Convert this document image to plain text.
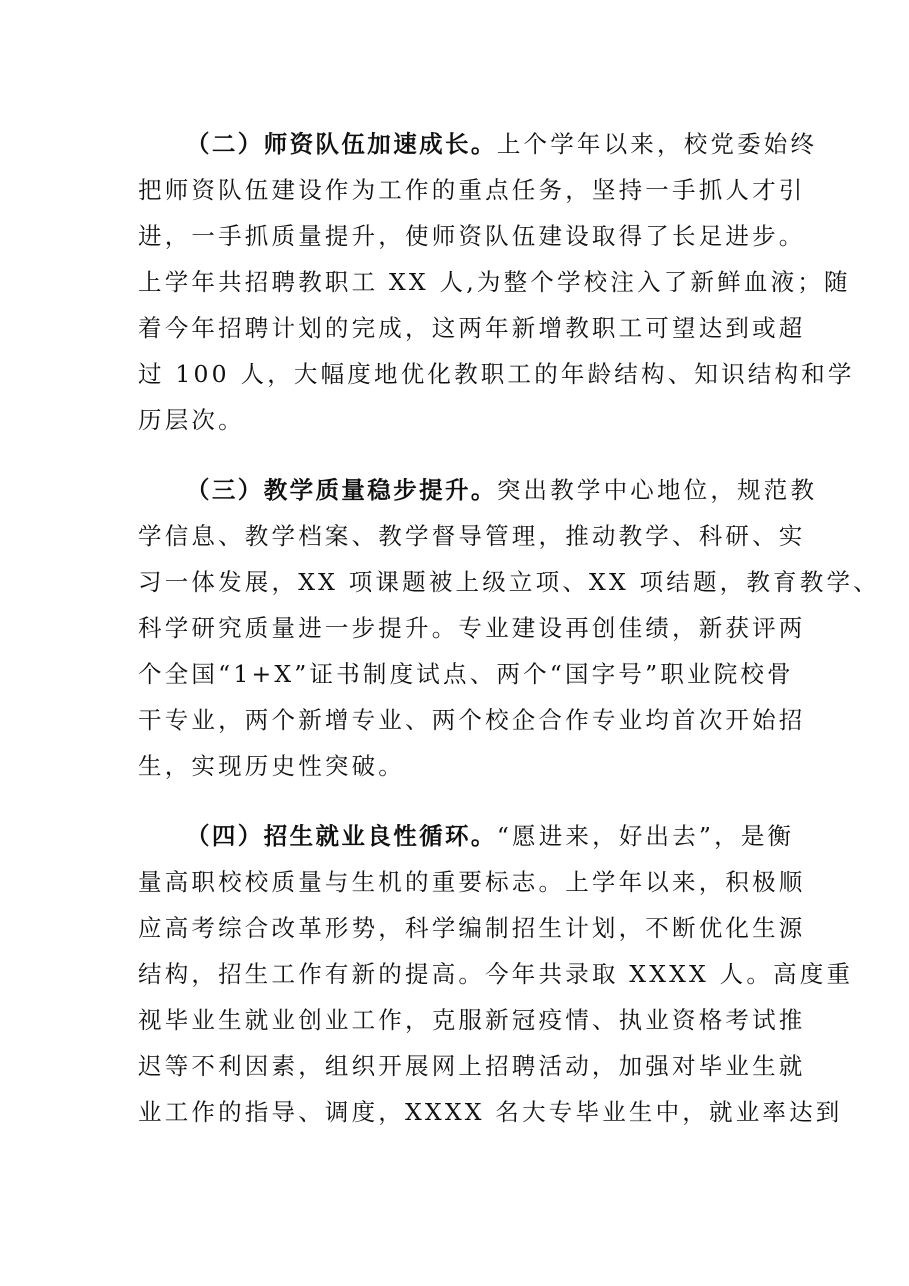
（二）师资队伍加速成长。上个学年以来，校党委始终
把师资队伍建设作为工作的重点任务，坚持一手抓人才引
进，一手抓质量提升，使师资队伍建设取得了长足进步。
上学年共招聘教职工 XX 人,为整个学校注入了新鲜血液；随
着今年招聘计划的完成，这两年新增教职工可望达到或超
过 100 人，大幅度地优化教职工的年龄结构、知识结构和学
历层次。
（三）教学质量稳步提升。突出教学中心地位，规范教
学信息、教学档案、教学督导管理，推动教学、科研、实
习一体发展，XX 项课题被上级立项、XX 项结题，教育教学、
科学研究质量进一步提升。专业建设再创佳绩，新获评两
个全国“1+X”证书制度试点、两个“国字号”职业院校骨
干专业，两个新增专业、两个校企合作专业均首次开始招
生，实现历史性突破。
（四）招生就业良性循环。“愿进来，好出去”，是衡
量高职校校质量与生机的重要标志。上学年以来，积极顺
应高考综合改革形势，科学编制招生计划，不断优化生源
结构，招生工作有新的提高。今年共录取 XXXX 人。高度重
视毕业生就业创业工作，克服新冠疫情、执业资格考试推
迟等不利因素，组织开展网上招聘活动，加强对毕业生就
业工作的指导、调度，XXXX 名大专毕业生中，就业率达到
